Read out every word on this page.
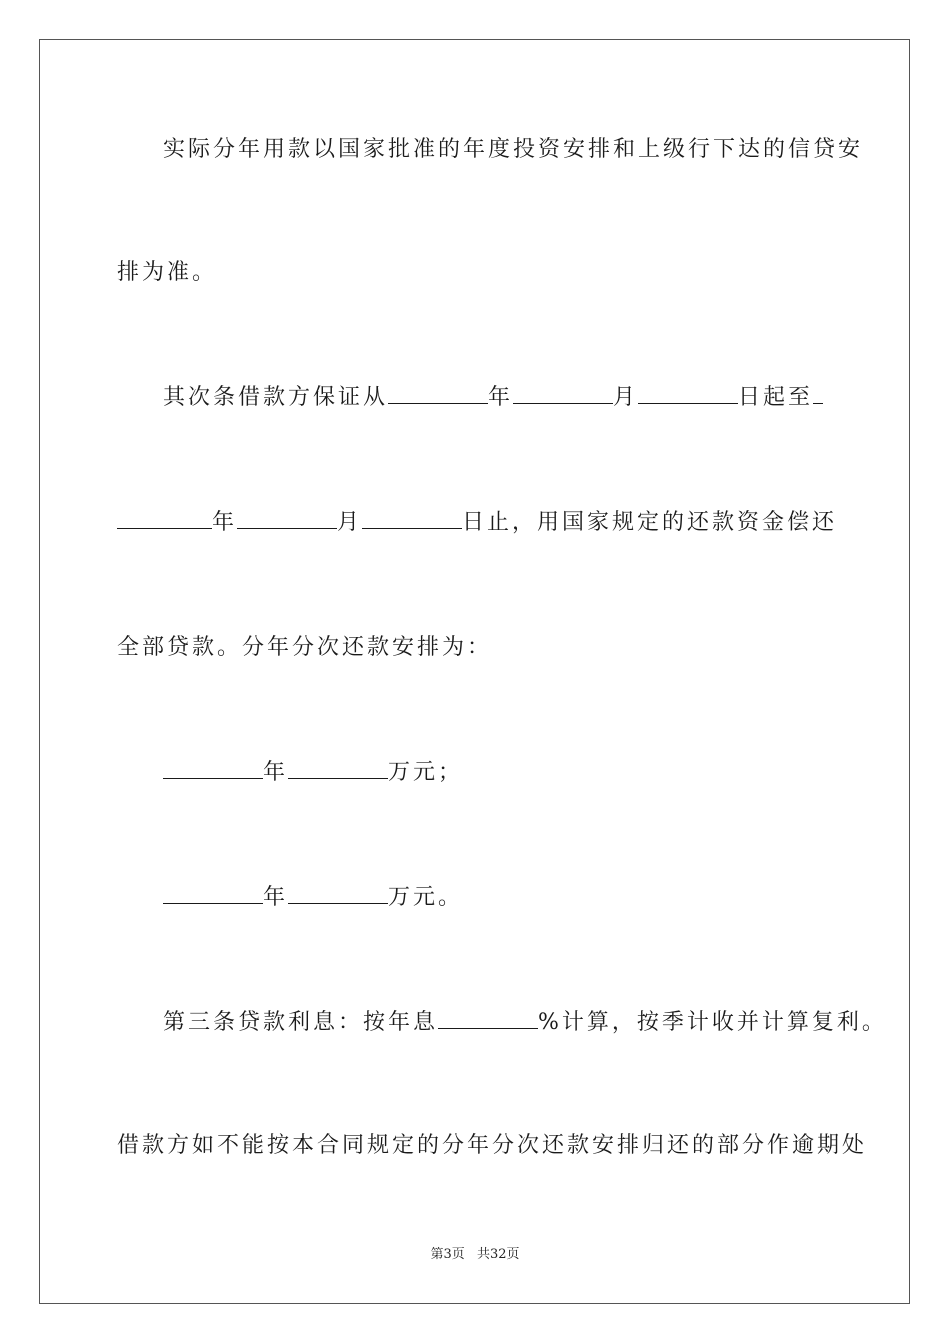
实际分年用款以国家批准的年度投资安排和上级行下达的信贷安
排为准。
其次条借款方保证从	年	月	日起至
年	月	日止，用国家规定的还款资金偿还
全部贷款。分年分次还款安排为：
年	万元；
年	万元。
第三条贷款利息：按年息	%计算，按季计收并计算复利。
借款方如不能按本合同规定的分年分次还款安排归还的部分作逾期处
第3页 共32页
